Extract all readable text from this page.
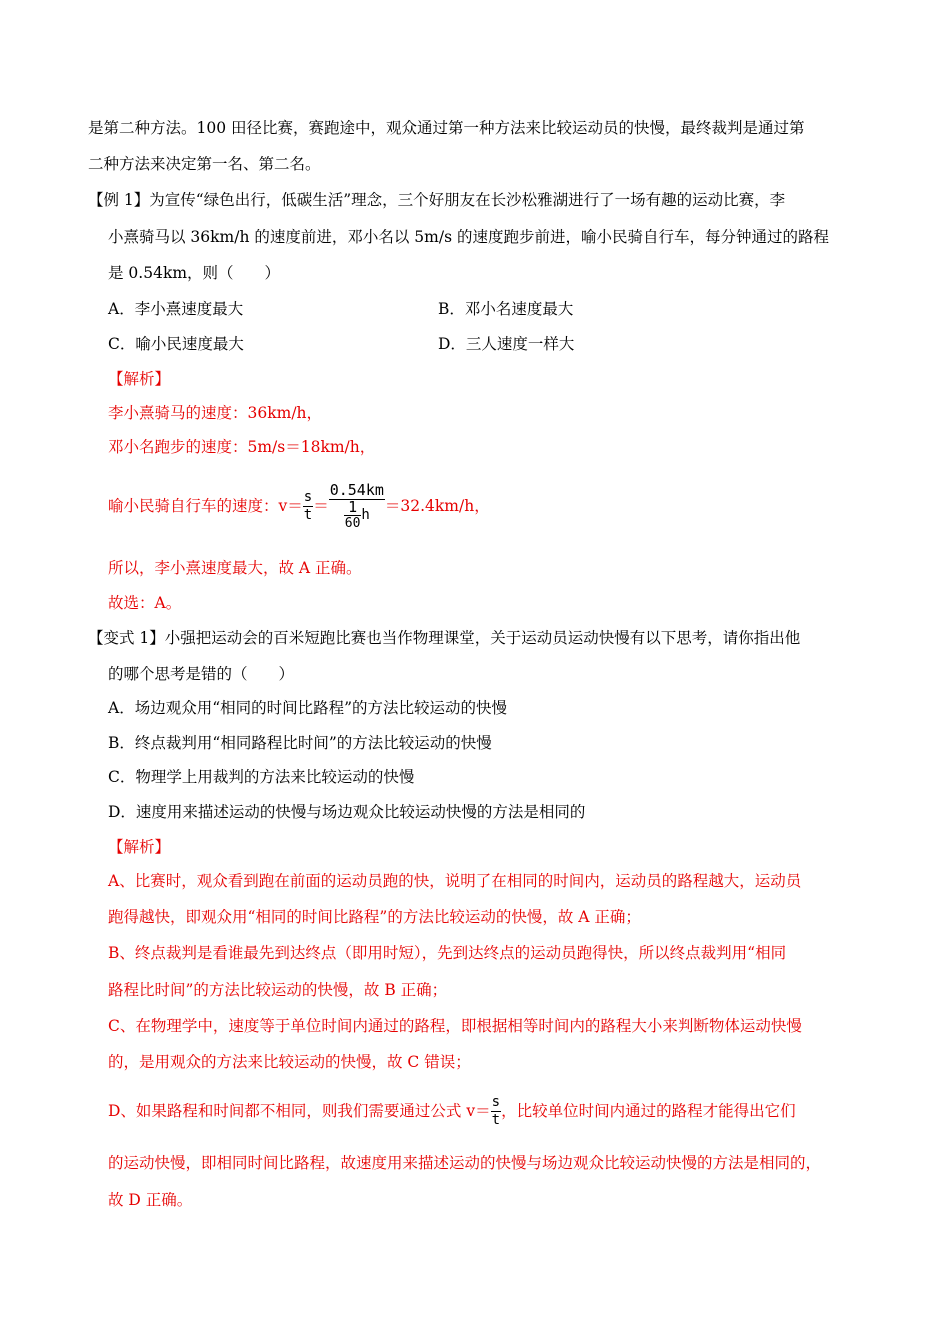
是第二种方法。100 田径比赛，赛跑途中，观众通过第一种方法来比较运动员的快慢，最终裁判是通过第
二种方法来决定第一名、第二名。
【例 1】为宣传“绿色出行，低碳生活”理念，三个好朋友在长沙松雅湖进行了一场有趣的运动比赛，李
小熹骑马以 36km/h 的速度前进，邓小名以 5m/s 的速度跑步前进，喻小民骑自行车，每分钟通过的路程
是 0.54km，则（　　）
A．李小熹速度最大	B．邓小名速度最大
C．喻小民速度最大	D．三人速度一样大
【解析】
李小熹骑马的速度：36km/h，
邓小名跑步的速度：5m/s＝18km/h，
喻小民骑自行车的速度：$v= \frac{s}{t} = \frac{0.54km}{\frac{1}{60} h} =32.4km/h$，
所以，李小熹速度最大，故 A 正确。
故选：A。
【变式 1】小强把运动会的百米短跑比赛也当作物理课堂，关于运动员运动快慢有以下思考，请你指出他
的哪个思考是错的（　　）
A．场边观众用“相同的时间比路程”的方法比较运动的快慢
B．终点裁判用“相同路程比时间”的方法比较运动的快慢
C．物理学上用裁判的方法来比较运动的快慢
D．速度用来描述运动的快慢与场边观众比较运动快慢的方法是相同的
【解析】
A、比赛时，观众看到跑在前面的运动员跑的快，说明了在相同的时间内，运动员的路程越大，运动员
跑得越快，即观众用“相同的时间比路程”的方法比较运动的快慢，故 A 正确；
B、终点裁判是看谁最先到达终点（即用时短），先到达终点的运动员跑得快，所以终点裁判用“相同
路程比时间”的方法比较运动的快慢，故 B 正确；
C、在物理学中，速度等于单位时间内通过的路程，即根据相等时间内的路程大小来判断物体运动快慢
的，是用观众的方法来比较运动的快慢，故 C 错误；
D、如果路程和时间都不相同，则我们需要通过公式 $v= \frac{s}{t}$ ，比较单位时间内通过的路程才能得出它们
的运动快慢，即相同时间比路程，故速度用来描述运动的快慢与场边观众比较运动快慢的方法是相同的，
故 D 正确。
